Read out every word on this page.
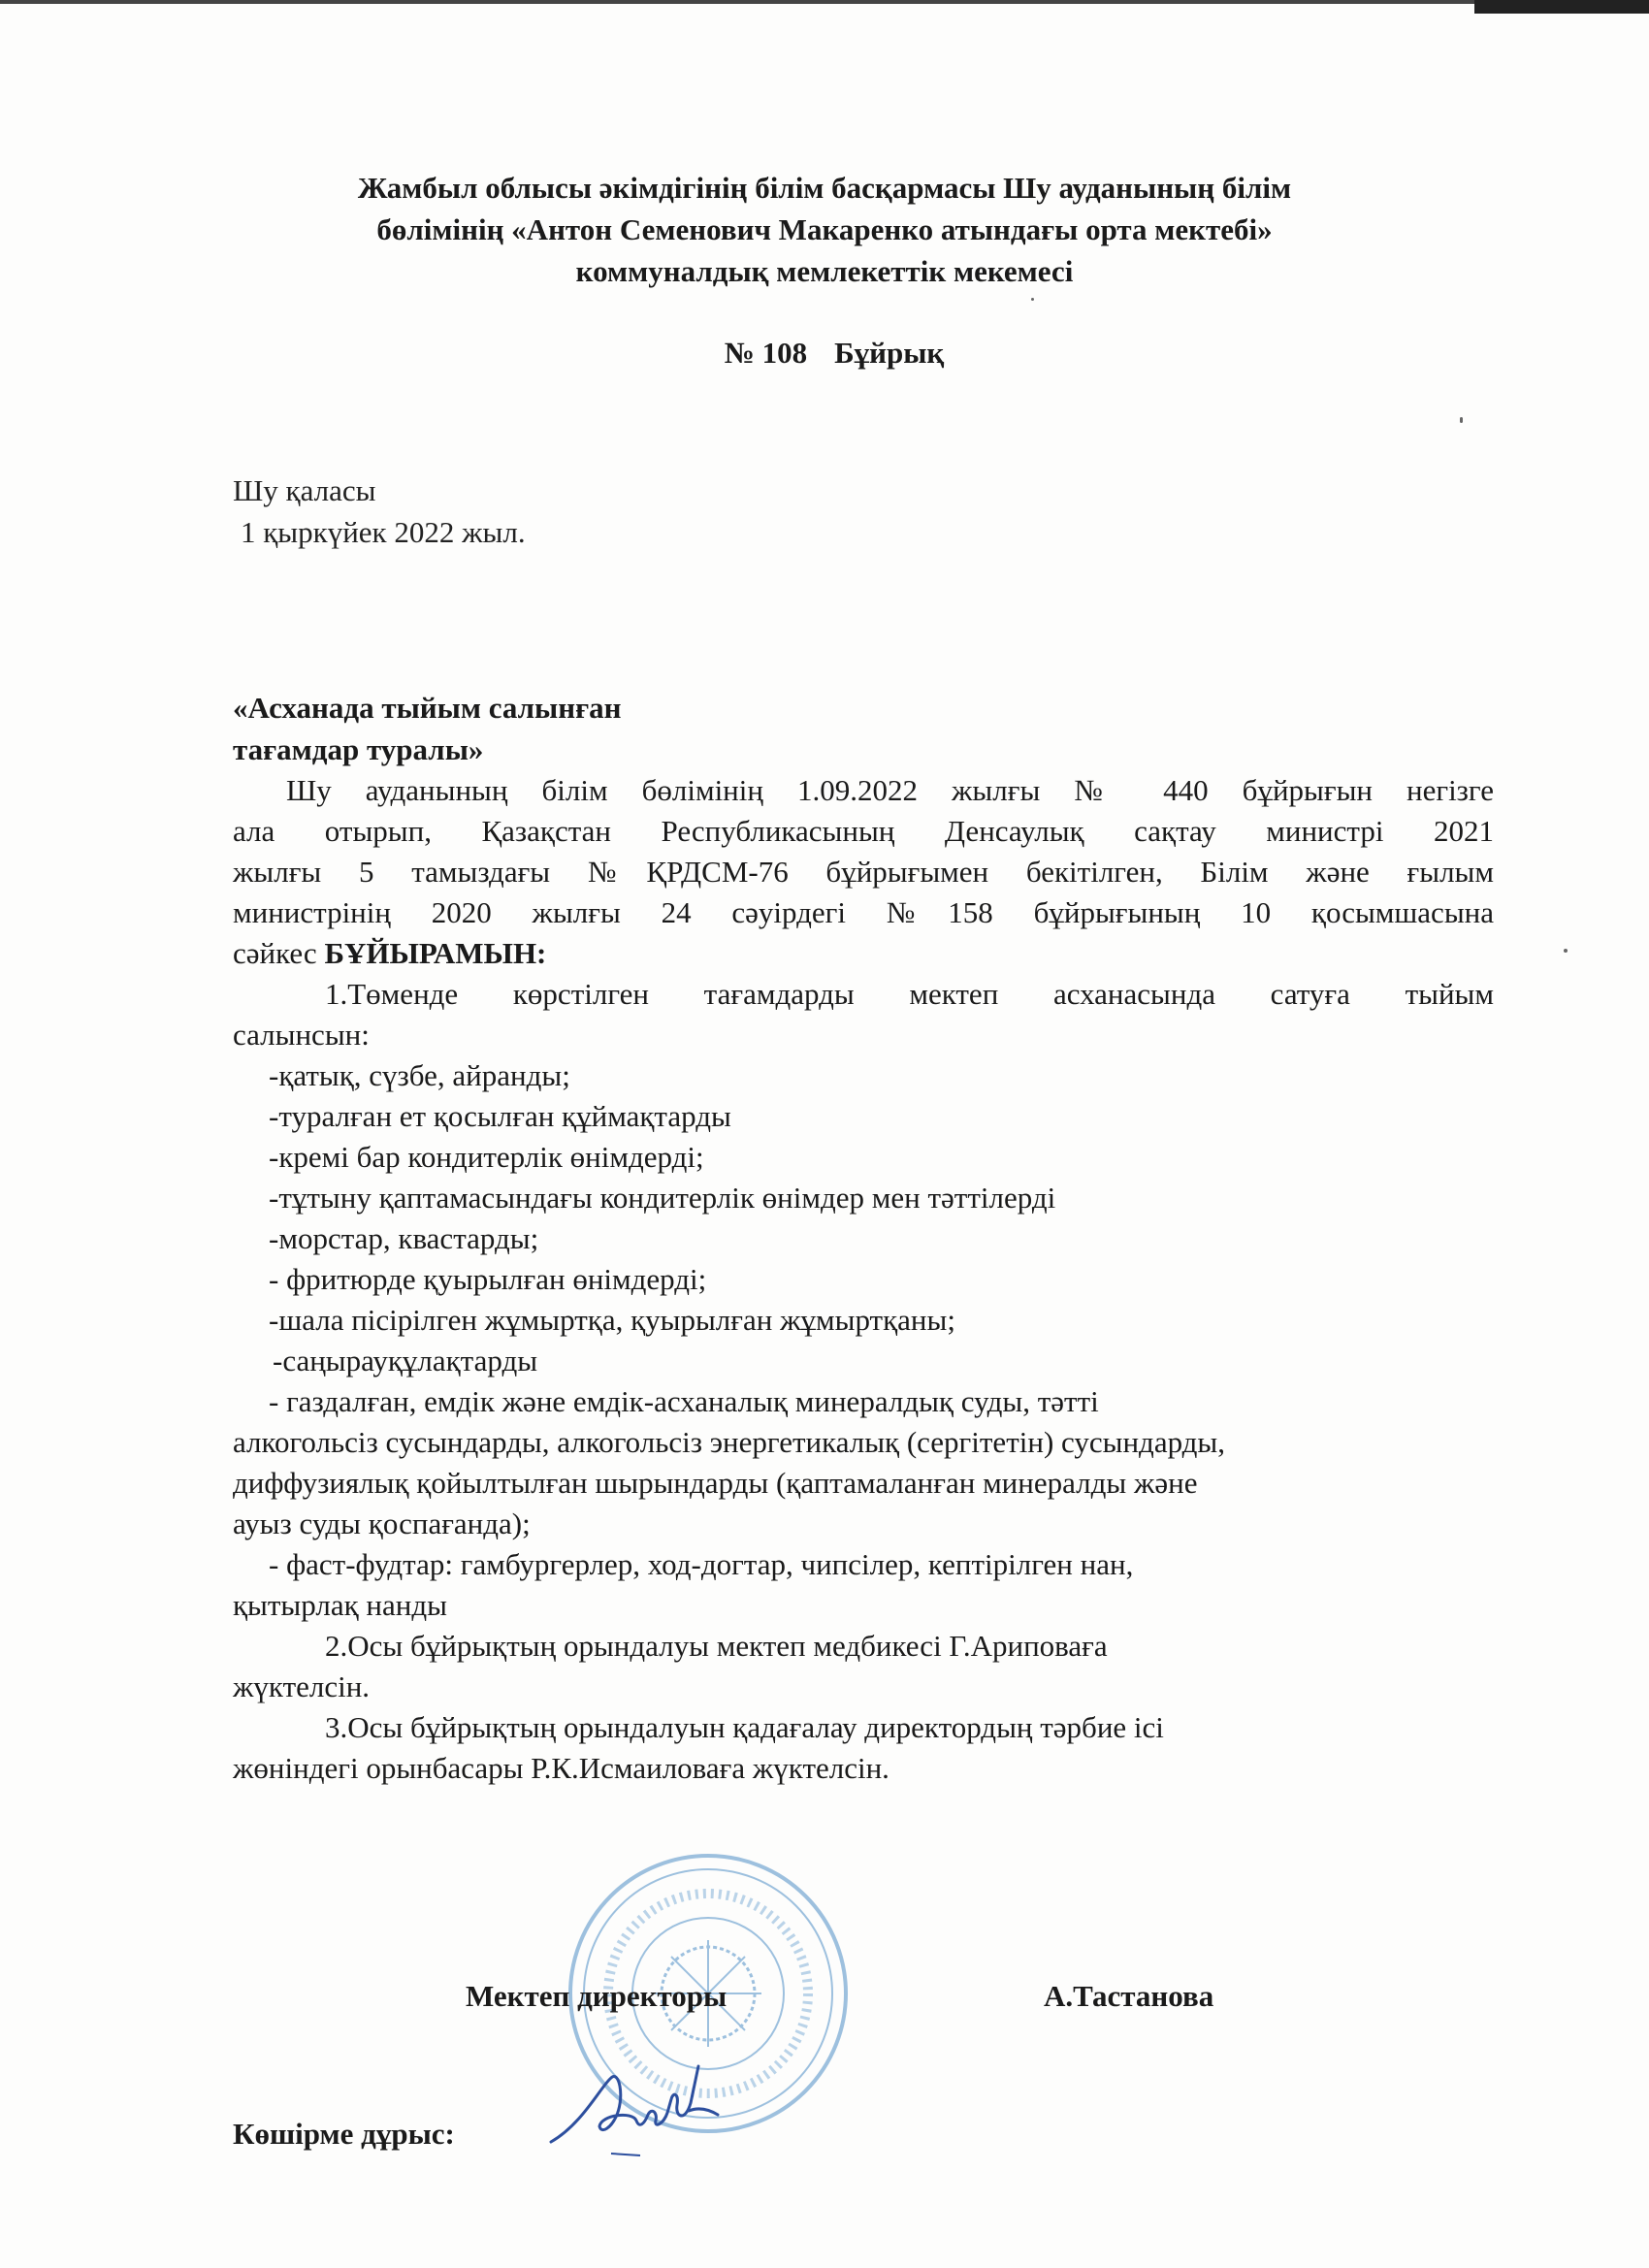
Жамбыл облысы әкімдігінің білім басқармасы Шу ауданының білім
бөлімінің «Антон Семенович Макаренко атындағы орта мектебі»
коммуналдық мемлекеттік мекемесі
№ 108 Бұйрық
Шу қаласы
1 қыркүйек 2022 жыл.
«Асханада тыйым салынған
тағамдар туралы»
Шу ауданының білім бөлімінің 1.09.2022 жылғы № 440 бұйрығын негізге
ала отырып, Қазақстан Республикасының Денсаулық сақтау министрі 2021
жылғы 5 тамыздағы №ҚРДСМ-76 бұйрығымен бекітілген, Білім және ғылым
министрінің 2020 жылғы 24 сәуірдегі №158 бұйрығының 10 қосымшасына
сәйкес БҰЙЫРАМЫН:
1.Төменде көрстілген тағамдарды мектеп асханасында сатуға тыйым
салынсын:
-қатық, сүзбе, айранды;
-туралған ет қосылған құймақтарды
-кремі бар кондитерлік өнімдерді;
-тұтыну қаптамасындағы кондитерлік өнімдер мен тәттілерді
-морстар, квастарды;
- фритюрде қуырылған өнімдерді;
-шала пісірілген жұмыртқа, қуырылған жұмыртқаны;
-саңырауқұлақтарды
- газдалған, емдік және емдік-асханалық минералдық суды, тәтті
алкогольсіз сусындарды, алкогольсіз энергетикалық (сергітетін) сусындарды,
диффузиялық қойылтылған шырындарды (қаптамаланған минералды және
ауыз суды қоспағанда);
- фаст-фудтар: гамбургерлер, ход-догтар, чипсілер, кептірілген нан,
қытырлақ нанды
2.Осы бұйрықтың орындалуы мектеп медбикесі Г.Ариповаға
жүктелсін.
3.Осы бұйрықтың орындалуын қадағалау директордың тәрбие ісі
жөніндегі орынбасары Р.К.Исмаиловаға жүктелсін.
Мектеп директоры	А.Тастанова
Көшірме дұрыс:
